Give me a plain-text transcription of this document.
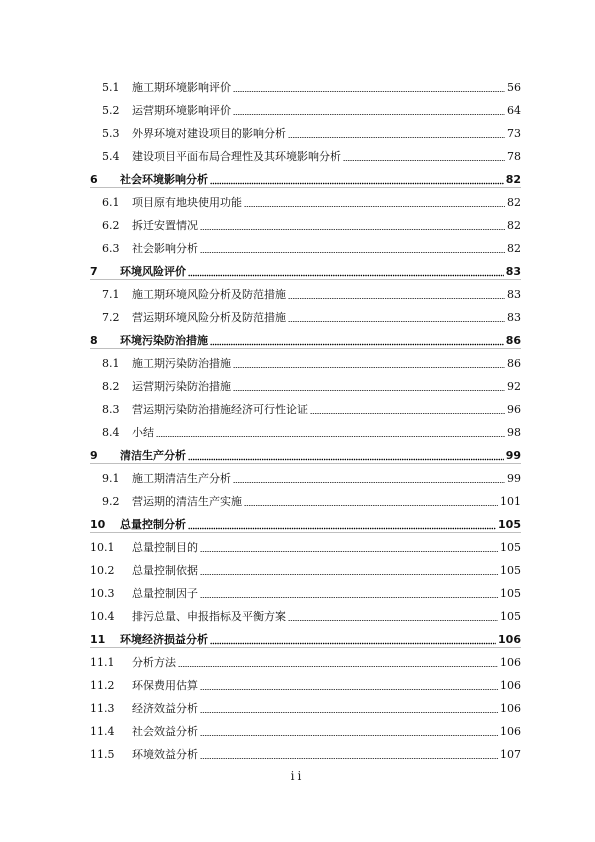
5.1	施工期环境影响评价	56
5.2	运营期环境影响评价	64
5.3	外界环境对建设项目的影响分析	73
5.4	建设项目平面布局合理性及其环境影响分析	78
6	社会环境影响分析	82
6.1	项目原有地块使用功能	82
6.2	拆迁安置情况	82
6.3	社会影响分析	82
7	环境风险评价	83
7.1	施工期环境风险分析及防范措施	83
7.2	营运期环境风险分析及防范措施	83
8	环境污染防治措施	86
8.1	施工期污染防治措施	86
8.2	运营期污染防治措施	92
8.3	营运期污染防治措施经济可行性论证	96
8.4	小结	98
9	清洁生产分析	99
9.1	施工期清洁生产分析	99
9.2	营运期的清洁生产实施	101
10	总量控制分析	105
10.1	总量控制目的	105
10.2	总量控制依据	105
10.3	总量控制因子	105
10.4	排污总量、申报指标及平衡方案	105
11	环境经济损益分析	106
11.1	分析方法	106
11.2	环保费用估算	106
11.3	经济效益分析	106
11.4	社会效益分析	106
11.5	环境效益分析	107
ii
